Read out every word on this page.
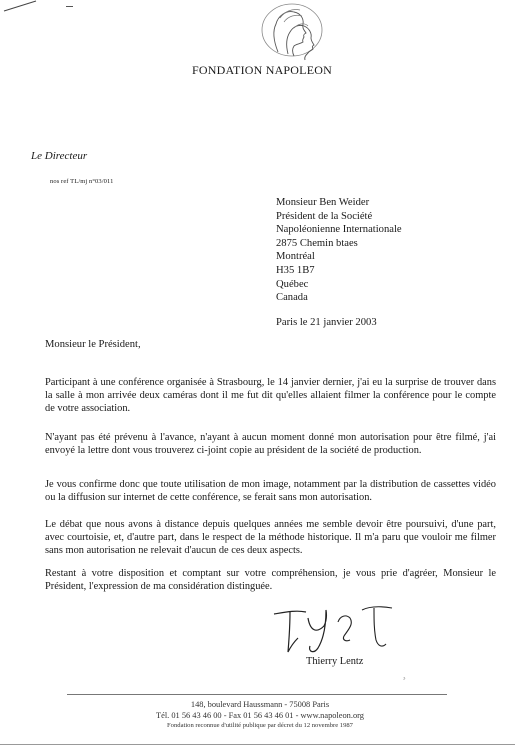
FONDATION NAPOLEON
Le Directeur
nos ref TL/mj n°03/011
Monsieur Ben Weider
Président de la Société
Napoléonienne Internationale
2875 Chemin btaes
Montréal
H35 1B7
Québec
Canada
Paris le 21 janvier 2003
Monsieur le Président,
Participant à une conférence organisée à Strasbourg, le 14 janvier dernier, j'ai eu la surprise de trouver dans la salle à mon arrivée deux caméras dont il me fut dit qu'elles allaient filmer la conférence pour le compte de votre association.
N'ayant pas été prévenu à l'avance, n'ayant à aucun moment donné mon autorisation pour être filmé, j'ai envoyé la lettre dont vous trouverez ci-joint copie au président de la société de production.
Je vous confirme donc que toute utilisation de mon image, notamment par la distribution de cassettes vidéo ou la diffusion sur internet de cette conférence, se ferait sans mon autorisation.
Le débat que nous avons à distance depuis quelques années me semble devoir être poursuivi, d'une part, avec courtoisie, et, d'autre part, dans le respect de la méthode historique. Il m'a paru que vouloir me filmer sans mon autorisation ne relevait d'aucun de ces deux aspects.
Restant à votre disposition et comptant sur votre compréhension, je vous prie d'agréer, Monsieur le Président, l'expression de ma considération distinguée.
Thierry Lentz
ᵓ
148, boulevard Haussmann - 75008 Paris
Tél. 01 56 43 46 00 - Fax 01 56 43 46 01 - www.napoleon.org
Fondation reconnue d'utilité publique par décret du 12 novembre 1987
